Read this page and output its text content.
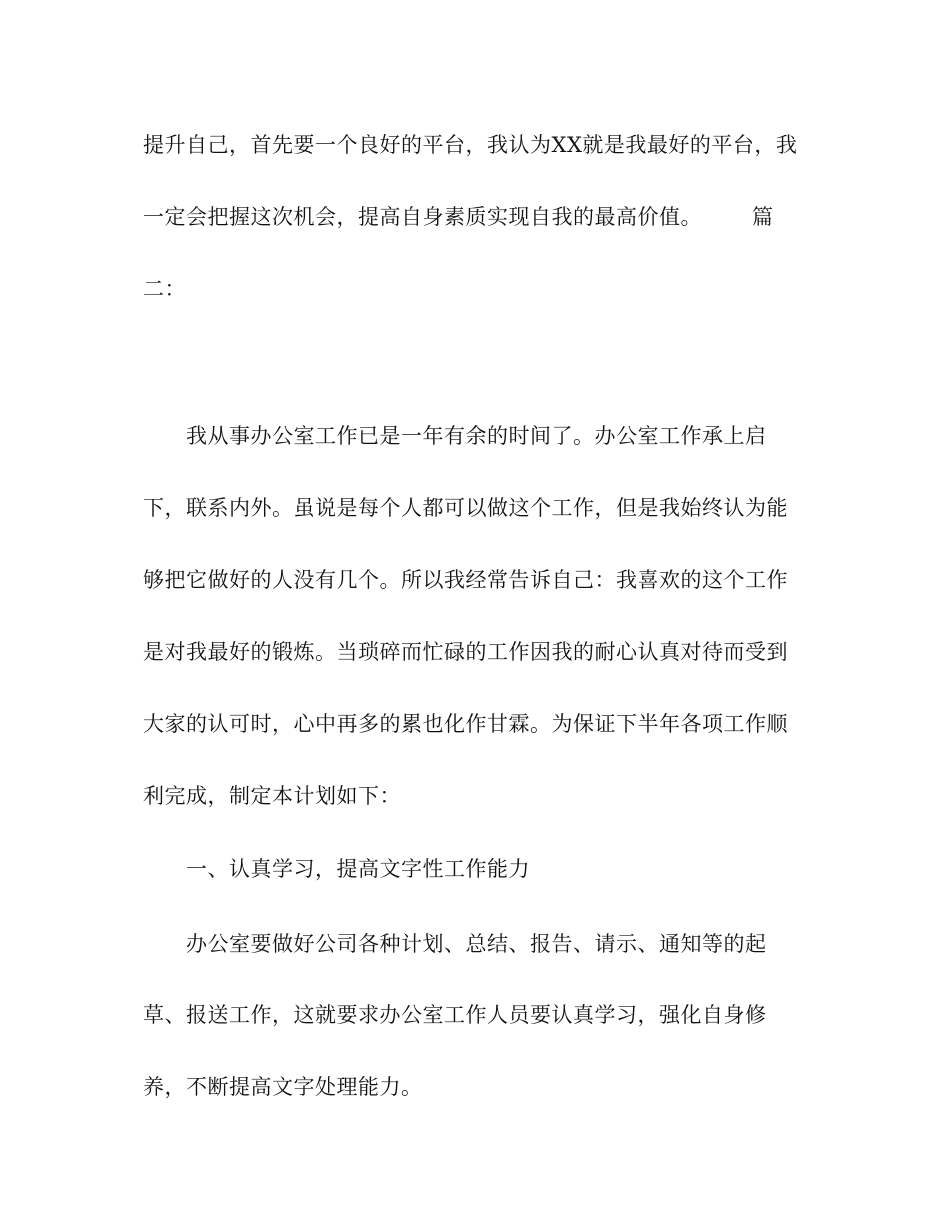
提升自己，首先要一个良好的平台，我认为XX就是我最好的平台，我
一定会把握这次机会，提高自身素质实现自我的最高价值。	篇
二：
我从事办公室工作已是一年有余的时间了。办公室工作承上启
下，联系内外。虽说是每个人都可以做这个工作，但是我始终认为能
够把它做好的人没有几个。所以我经常告诉自己：我喜欢的这个工作
是对我最好的锻炼。当琐碎而忙碌的工作因我的耐心认真对待而受到
大家的认可时，心中再多的累也化作甘霖。为保证下半年各项工作顺
利完成，制定本计划如下：
一、认真学习，提高文字性工作能力
办公室要做好公司各种计划、总结、报告、请示、通知等的起
草、报送工作，这就要求办公室工作人员要认真学习，强化自身修
养，不断提高文字处理能力。
